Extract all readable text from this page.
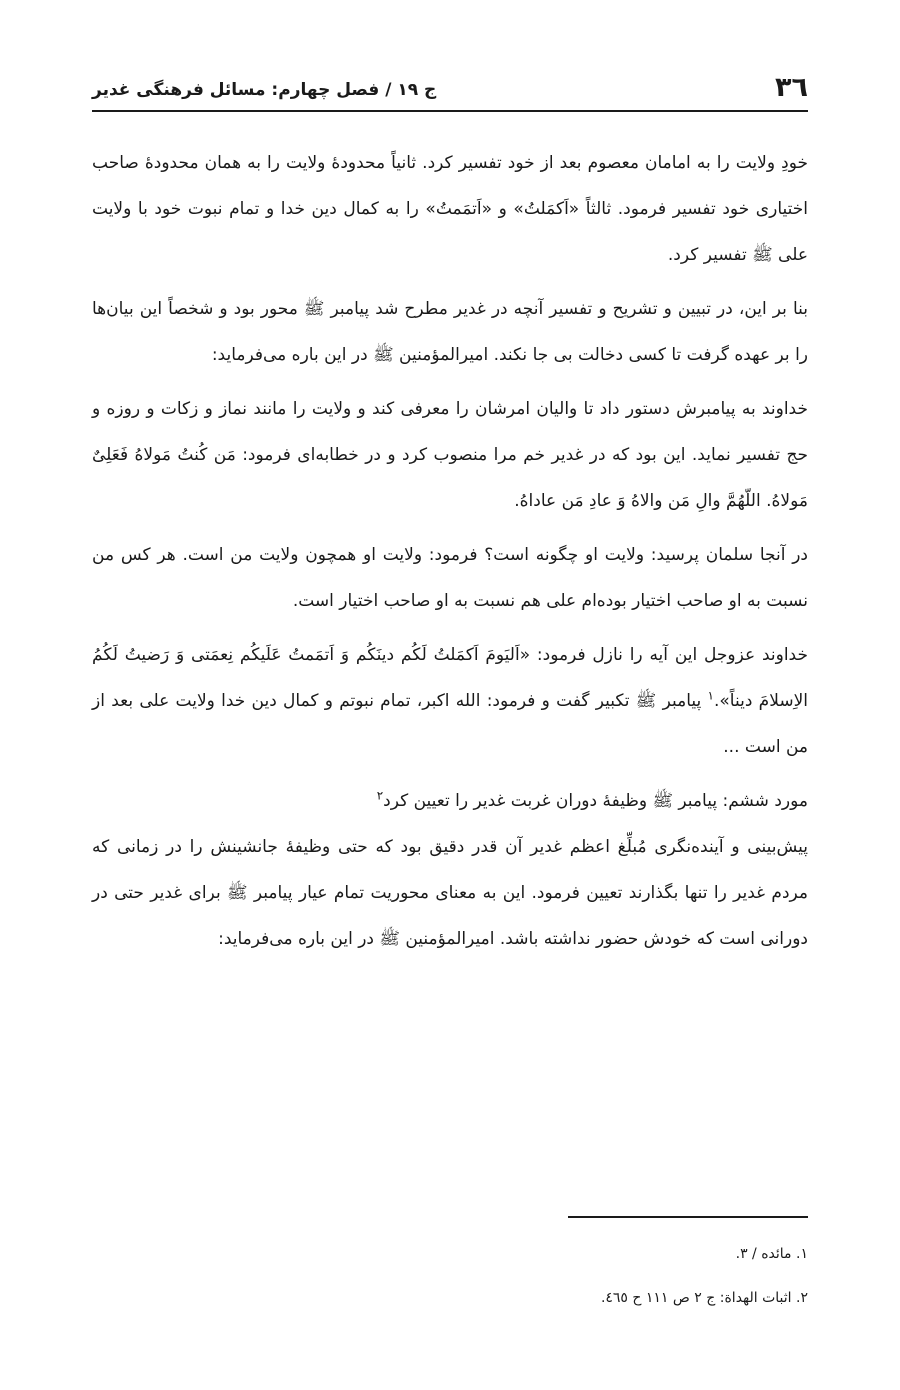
٣٦
ج ١٩ / فصل چهارم: مسائل فرهنگی غدیر

خودِ ولایت را به امامان معصوم بعد از خود تفسیر کرد. ثانیاً محدودهٔ ولایت را به همان محدودهٔ صاحب اختیاری خود تفسیر فرمود. ثالثاً «اَکمَلتُ» و «اَتمَمتُ» را به کمال دین خدا و تمام نبوت خود با ولایت علی ﷺ تفسیر کرد.

بنا بر این، در تبیین و تشریح و تفسیر آنچه در غدیر مطرح شد پیامبر ﷺ محور بود و شخصاً این بیان‌ها را بر عهده گرفت تا کسی دخالت بی جا نکند. امیرالمؤمنین ﷺ در این باره می‌فرماید:

خداوند به پیامبرش دستور داد تا والیان امرشان را معرفی کند و ولایت را مانند نماز و زکات و روزه و حج تفسیر نماید. این بود که در غدیر خم مرا منصوب کرد و در خطابه‌ای فرمود: مَن کُنتُ مَولاهُ فَعَلِیٌ مَولاهُ. اللّهُمَّ والِ مَن والاهُ وَ عادِ مَن عاداهُ.

در آنجا سلمان پرسید: ولایت او چگونه است؟ فرمود: ولایت او همچون ولایت من است. هر کس من نسبت به او صاحب اختیار بوده‌ام علی هم نسبت به او صاحب اختیار است.

خداوند عزوجل این آیه را نازل فرمود: «اَلیَومَ اَکمَلتُ لَکُم دینَکُم وَ اَتمَمتُ عَلَیکُم نِعمَتی وَ رَضیتُ لَکُمُ الاِسلامَ دیناً».$^١$ پیامبر ﷺ تکبیر گفت و فرمود: الله اکبر، تمام نبوتم و کمال دین خدا ولایت علی بعد از من است ...

مورد ششم: پیامبر ﷺ وظیفهٔ دوران غربت غدیر را تعیین کرد$^٢$

پیش‌بینی و آینده‌نگری مُبلِّغ اعظم غدیر آن قدر دقیق بود که حتی وظیفهٔ جانشینش را در زمانی که مردم غدیر را تنها بگذارند تعیین فرمود. این به معنای محوریت تمام عیار پیامبر ﷺ برای غدیر حتی در دورانی است که خودش حضور نداشته باشد. امیرالمؤمنین ﷺ در این باره می‌فرماید:

١. مائده / ٣.
٢. اثبات الهداة: ج ٢ ص ١١١ ح ٤٦٥.
